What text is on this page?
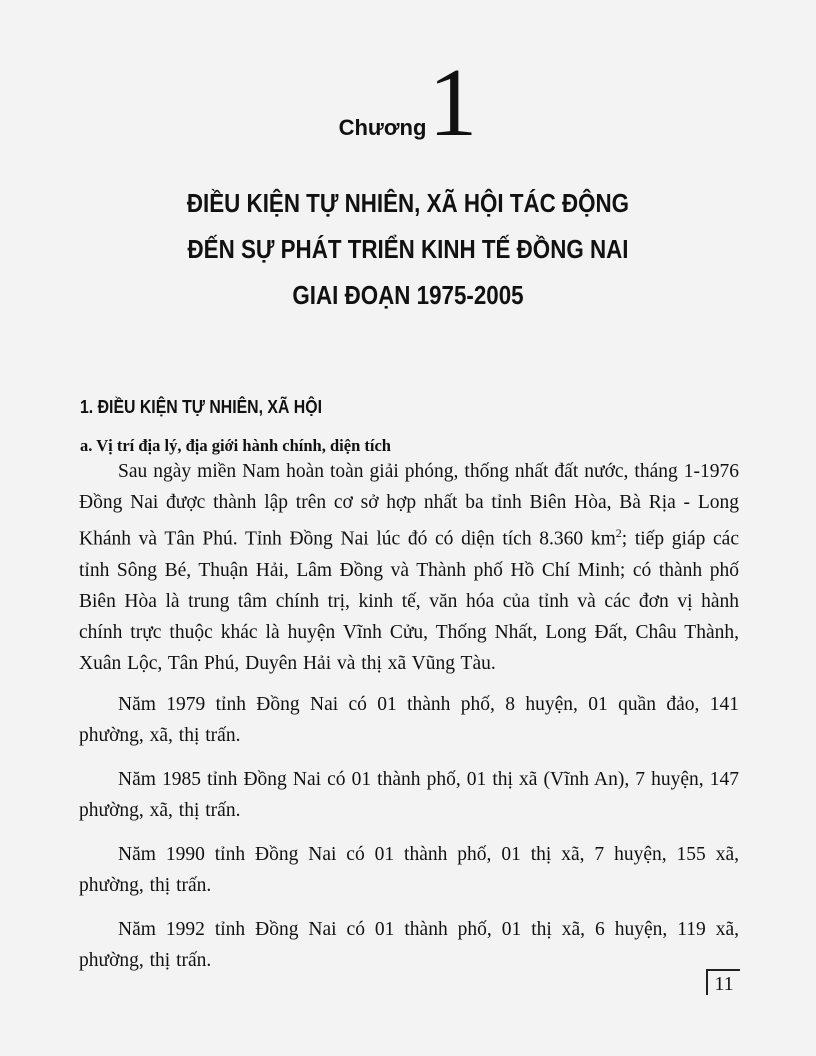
Chương1
ĐIỀU KIỆN TỰ NHIÊN, XÃ HỘI TÁC ĐỘNG
ĐẾN SỰ PHÁT TRIỂN KINH TẾ ĐỒNG NAI
GIAI ĐOẠN 1975-2005
1. ĐIỀU KIỆN TỰ NHIÊN, XÃ HỘI
a. Vị trí địa lý, địa giới hành chính, diện tích

Sau ngày miền Nam hoàn toàn giải phóng, thống nhất đất nước, tháng 1-1976 Đồng Nai được thành lập trên cơ sở hợp nhất ba tỉnh Biên Hòa, Bà Rịa - Long Khánh và Tân Phú. Tỉnh Đồng Nai lúc đó có diện tích 8.360 $km^2$; tiếp giáp các tỉnh Sông Bé, Thuận Hải, Lâm Đồng và Thành phố Hồ Chí Minh; có thành phố Biên Hòa là trung tâm chính trị, kinh tế, văn hóa của tỉnh và các đơn vị hành chính trực thuộc khác là huyện Vĩnh Cửu, Thống Nhất, Long Đất, Châu Thành, Xuân Lộc, Tân Phú, Duyên Hải và thị xã Vũng Tàu.

Năm 1979 tỉnh Đồng Nai có 01 thành phố, 8 huyện, 01 quần đảo, 141 phường, xã, thị trấn.

Năm 1985 tỉnh Đồng Nai có 01 thành phố, 01 thị xã (Vĩnh An), 7 huyện, 147 phường, xã, thị trấn.

Năm 1990 tỉnh Đồng Nai có 01 thành phố, 01 thị xã, 7 huyện, 155 xã, phường, thị trấn.

Năm 1992 tỉnh Đồng Nai có 01 thành phố, 01 thị xã, 6 huyện, 119 xã, phường, thị trấn.

11
